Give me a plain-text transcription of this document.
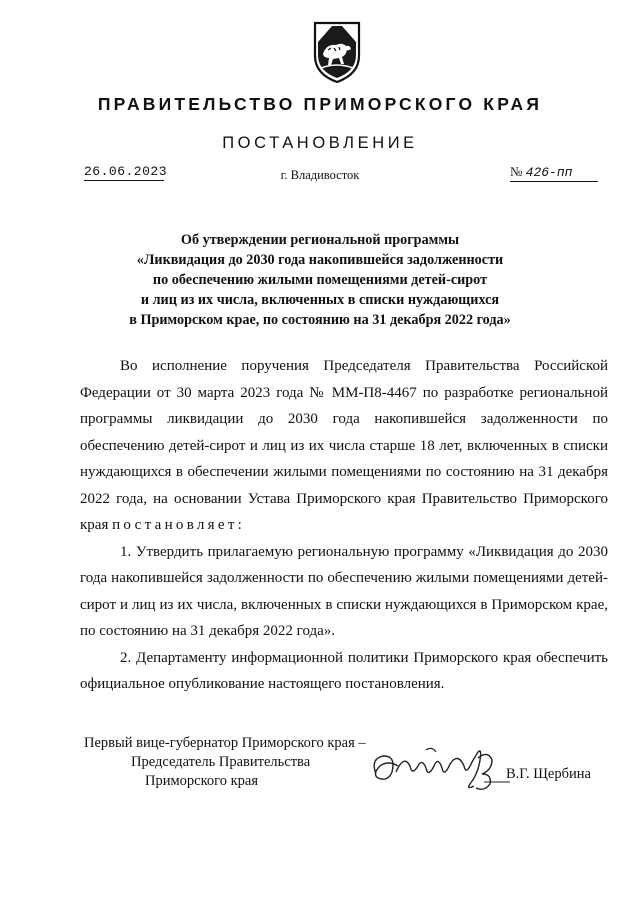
ПРАВИТЕЛЬСТВО ПРИМОРСКОГО КРАЯ
ПОСТАНОВЛЕНИЕ
26.06.2023	г. Владивосток	№ 426-пп
Об утверждении региональной программы
«Ликвидация до 2030 года накопившейся задолженности
по обеспечению жилыми помещениями детей-сирот
и лиц из их числа, включенных в списки нуждающихся
в Приморском крае, по состоянию на 31 декабря 2022 года»

Во исполнение поручения Председателя Правительства Российской Федерации от 30 марта 2023 года № ММ-П8-4467 по разработке региональной программы ликвидации до 2030 года накопившейся задолженности по обеспечению детей-сирот и лиц из их числа старше 18 лет, включенных в списки нуждающихся в обеспечении жилыми помещениями по состоянию на 31 декабря 2022 года, на основании Устава Приморского края Правительство Приморского края постановляет:

1. Утвердить прилагаемую региональную программу «Ликвидация до 2030 года накопившейся задолженности по обеспечению жилыми помещениями детей-сирот и лиц из их числа, включенных в списки нуждающихся в Приморском крае, по состоянию на 31 декабря 2022 года».

2. Департаменту информационной политики Приморского края обеспечить официальное опубликование настоящего постановления.

Первый вице-губернатор Приморского края –
Председатель Правительства
Приморского края	В.Г. Щербина
